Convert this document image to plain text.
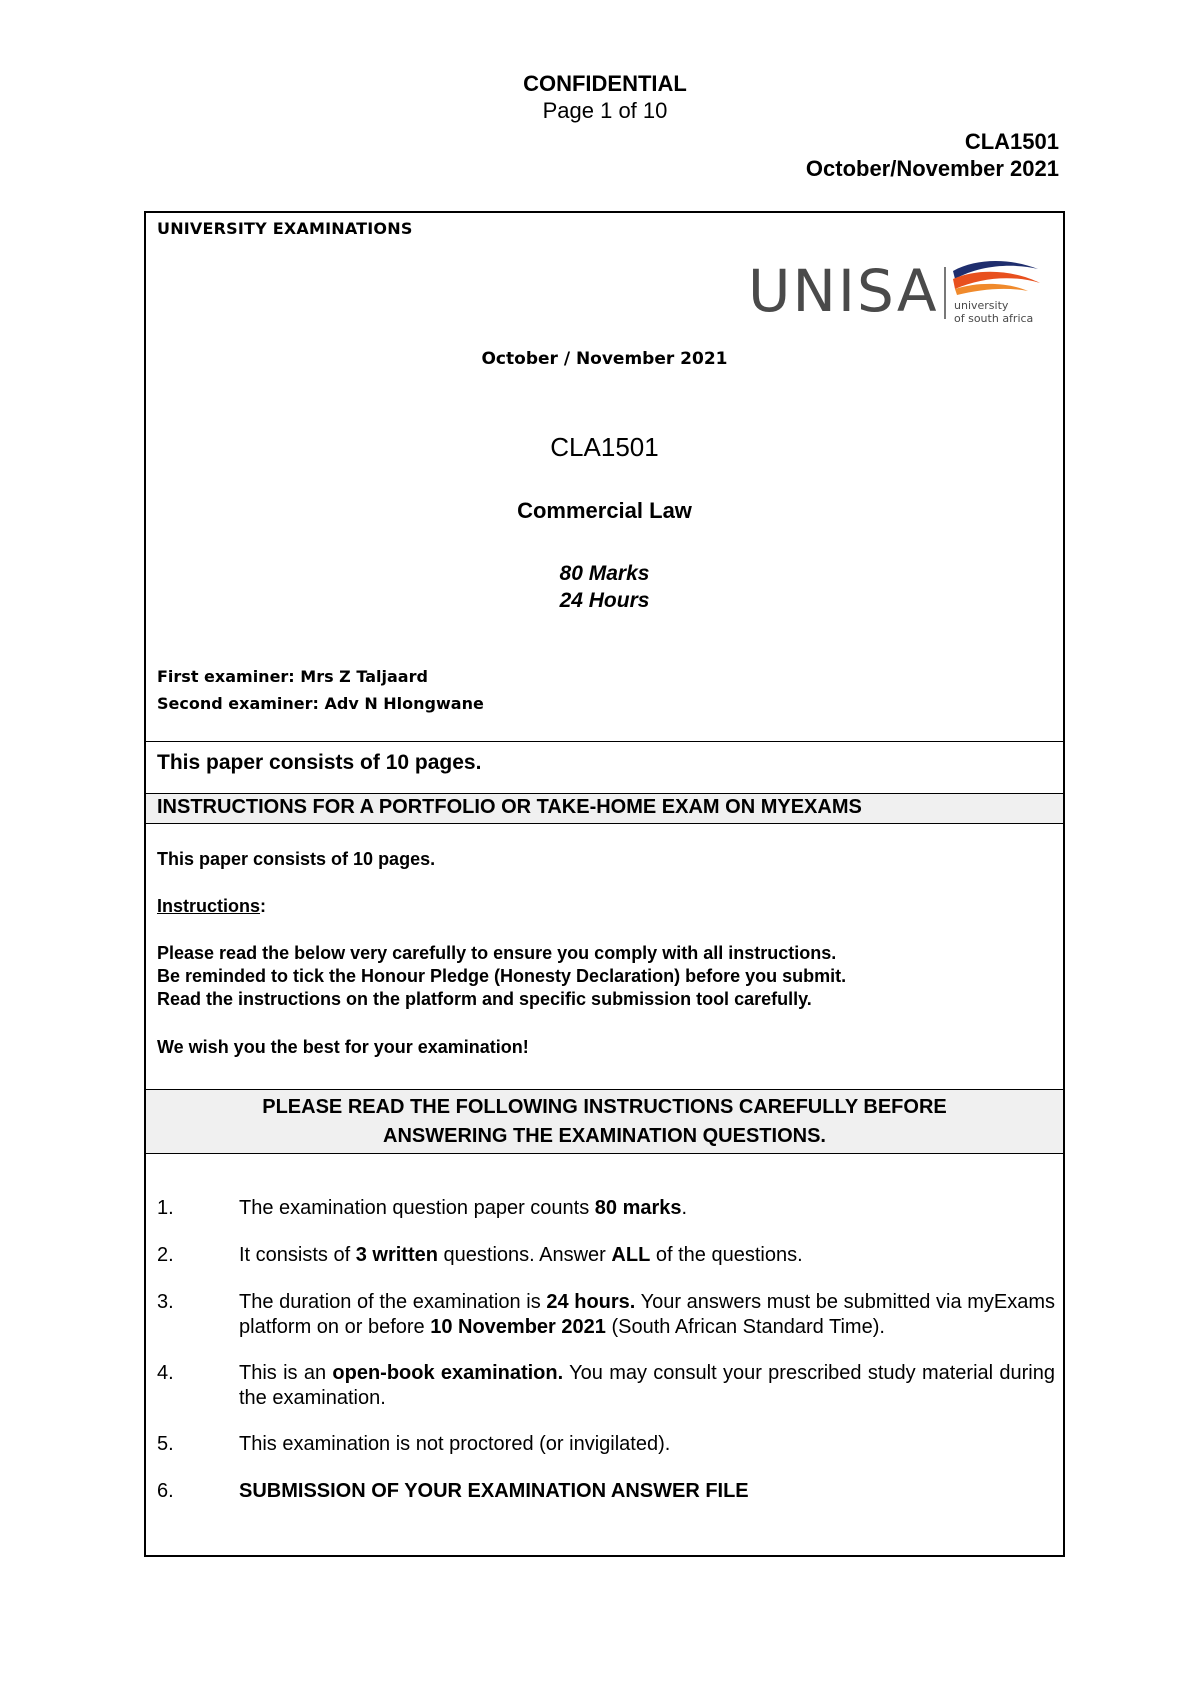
CONFIDENTIAL
Page 1 of 10
CLA1501
October/November 2021
UNIVERSITY EXAMINATIONS
UNISA university
of south africa
October / November 2021
CLA1501
Commercial Law
80 Marks
24 Hours
First examiner: Mrs Z Taljaard
Second examiner: Adv N Hlongwane
This paper consists of 10 pages.
INSTRUCTIONS FOR A PORTFOLIO OR TAKE-HOME EXAM ON MYEXAMS

This paper consists of 10 pages.

Instructions:

Please read the below very carefully to ensure you comply with all instructions.

Be reminded to tick the Honour Pledge (Honesty Declaration) before you submit.

Read the instructions on the platform and specific submission tool carefully.

We wish you the best for your examination!

PLEASE READ THE FOLLOWING INSTRUCTIONS CAREFULLY BEFORE
ANSWERING THE EXAMINATION QUESTIONS.
1.	The examination question paper counts 80 marks.
2.	It consists of 3 written questions. Answer ALL of the questions.
3.	The duration of the examination is 24 hours. Your answers must be submitted via myExams platform on or before 10 November 2021 (South African Standard Time).
4.	This is an open-book examination. You may consult your prescribed study material during the examination.
5.	This examination is not proctored (or invigilated).
6.	SUBMISSION OF YOUR EXAMINATION ANSWER FILE
